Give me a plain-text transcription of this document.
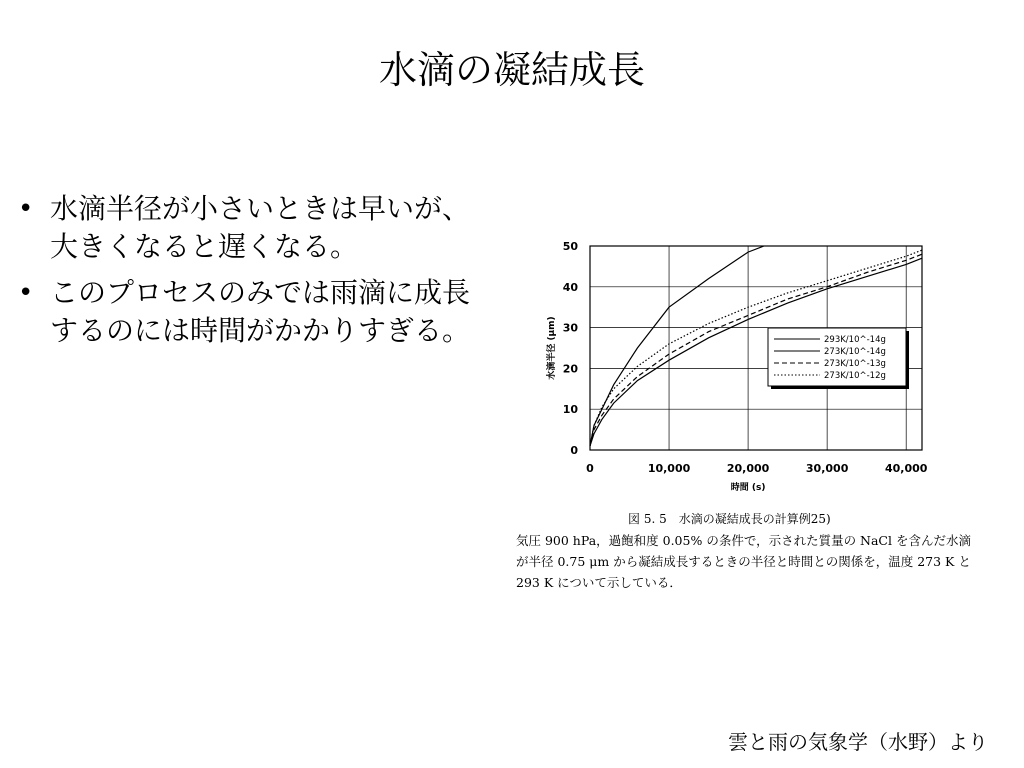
水滴の凝結成長
• 水滴半径が小さいときは早いが、大きくなると遅くなる。
• このプロセスのみでは雨滴に成長するのには時間がかかりすぎる。
0	10,000	20,000	30,000	40,000
0
10
20
30
40
50
水滴半径 (μm)
時間 (s)
293K/10^-14g
273K/10^-14g
273K/10^-13g
273K/10^-12g
図 5. 5　水滴の凝結成長の計算例25)
気圧 900 hPa，過飽和度 0.05% の条件で，示された質量の NaCl を含んだ水滴が半径 0.75 μm から凝結成長するときの半径と時間との関係を，温度 273 K と 293 K について示している．
雲と雨の気象学（水野）より
